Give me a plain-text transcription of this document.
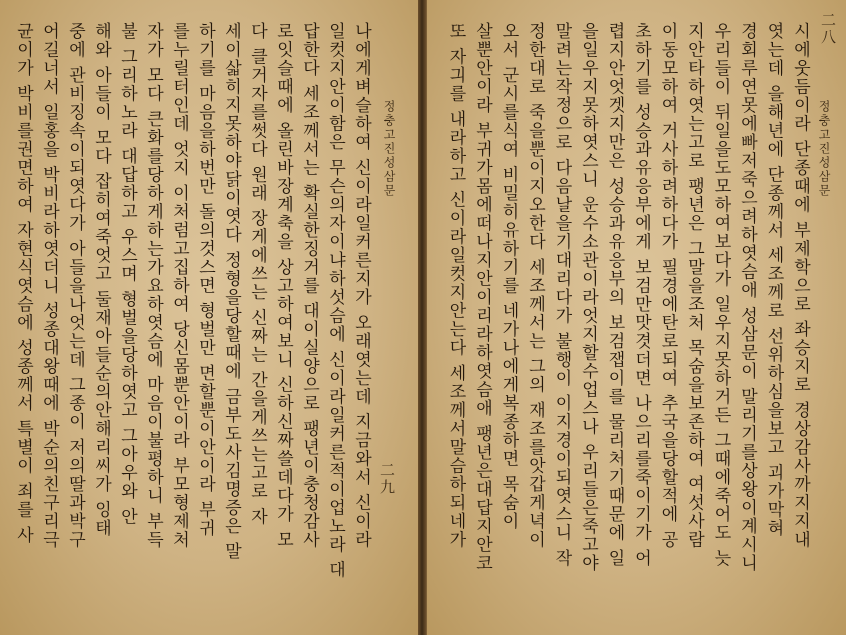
정충고진성삼문
二九
나에게벼슬하여 신이라일커른지가 오래엿는데 지금와서 신이라
일컷지안이함은 무슨의자이냐하섯슴에 신이라일커른적이업노라 대
답한다 세조께서는 확실한징거를 대이실양으로 팽년이충청감사
로잇슬때에 올린바장계축을 상고하여보니 신하신짜쓸데다가 모
다 클거자를썻다 원래 장게에쓰는 신짜는 간을게쓰는고로 자
세이삷히지못하야닭이엿다 정형을당할때에 금부도사김명증은 말
하기를 마음을하번만 돌의것스면 형벌만 면할뿐이안이라 부귀
를누릴터인데 엇지 이처럼고집하여 당신몸뿐안이라 부모형제처
자가 모다 큰화를당하게하는가요하엿슴에 마음이불평하니 부득
불 그리하노라 대답하고 우스며 형벌을당하엿고 그아우와 안
해와 아들이 모다 잡히여죽엇고 둘재아들순의안해리씨가 잉태
중에 관비징속이되엿다가 아들을나엇는데 그종이 저의딸과박구
어길너서 일홍을 박비라하엿더니 성종대왕때에 박순의친구리극
균이가 박비를권면하여 자현식엿슴에 성종께서 특별이 죄를 사	정충고진성삼문
二八
시에웃듬이라 단종때에 부제학으로 좌승지로 경상감사까지지내
엿는데 을해년에 단종께서 세조께로 선위하심을보고 괴가막혀
경회루연못에빠저죽으려하엿슴애 성삼문이 말리기를상왕이계시니
우리들이 뒤일을도모하여보다가 일우지못하거든 그때에죽어도 늣
지안타하엿는고로 팽년은 그말을조처 목숨을보존하여 여섯사람
이동모하여 거사하려하다가 필경에탄로되여 추국을당할적에 공
초하기를 성승과유응부에게 보검만맛겻더면 나으리를죽이기가 어
렵지안엇겟지만은 성승과유응부의 보검잽이를 물리처기때문에 일
을일우지못하엿스니 운수소관이라엇지할수업스나 우리들은죽고야
말려는작정으로 다음날을기대리다가 불행이 이지경이되엿스니 작
정한대로 죽을뿐이지오한다 세조께서는 그의 재조를앗갑게녁이
오서 군시를식여 비밀히유하기를 네가나에게복종하면 목숨이
살뿐안이라 부귀가몸에떠나지안이리라하엿슴애 팽년은대답지안코
또 자긔를 내라하고 신이라일컷지안는다 세조께서말슴하되네가
